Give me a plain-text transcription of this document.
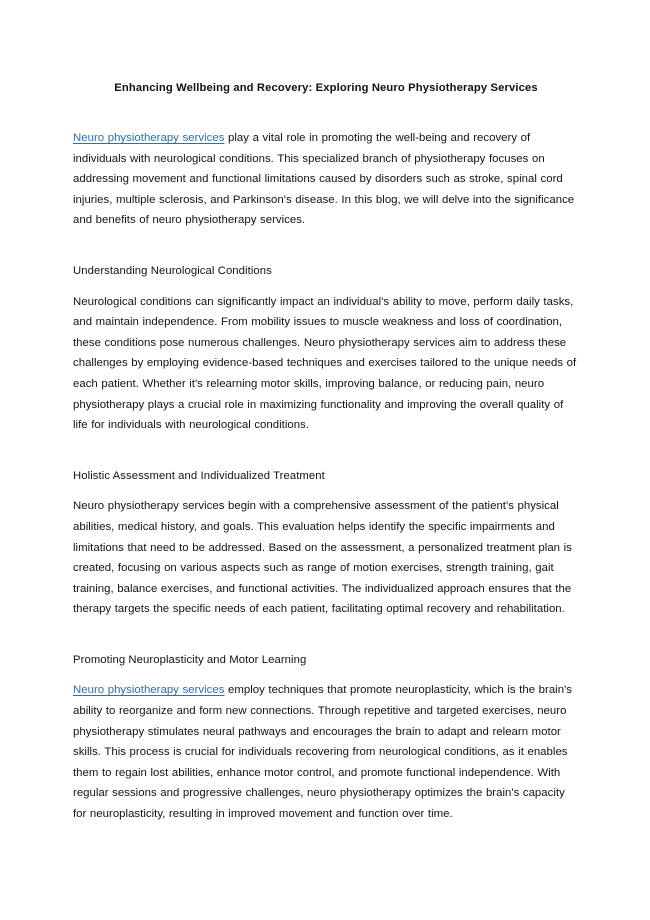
Enhancing Wellbeing and Recovery: Exploring Neuro Physiotherapy Services

Neuro physiotherapy services play a vital role in promoting the well-being and recovery of individuals with neurological conditions. This specialized branch of physiotherapy focuses on addressing movement and functional limitations caused by disorders such as stroke, spinal cord injuries, multiple sclerosis, and Parkinson's disease. In this blog, we will delve into the significance and benefits of neuro physiotherapy services.

Understanding Neurological Conditions

Neurological conditions can significantly impact an individual's ability to move, perform daily tasks, and maintain independence. From mobility issues to muscle weakness and loss of coordination, these conditions pose numerous challenges. Neuro physiotherapy services aim to address these challenges by employing evidence-based techniques and exercises tailored to the unique needs of each patient. Whether it's relearning motor skills, improving balance, or reducing pain, neuro physiotherapy plays a crucial role in maximizing functionality and improving the overall quality of life for individuals with neurological conditions.

Holistic Assessment and Individualized Treatment

Neuro physiotherapy services begin with a comprehensive assessment of the patient's physical abilities, medical history, and goals. This evaluation helps identify the specific impairments and limitations that need to be addressed. Based on the assessment, a personalized treatment plan is created, focusing on various aspects such as range of motion exercises, strength training, gait training, balance exercises, and functional activities. The individualized approach ensures that the therapy targets the specific needs of each patient, facilitating optimal recovery and rehabilitation.

Promoting Neuroplasticity and Motor Learning

Neuro physiotherapy services employ techniques that promote neuroplasticity, which is the brain's ability to reorganize and form new connections. Through repetitive and targeted exercises, neuro physiotherapy stimulates neural pathways and encourages the brain to adapt and relearn motor skills. This process is crucial for individuals recovering from neurological conditions, as it enables them to regain lost abilities, enhance motor control, and promote functional independence. With regular sessions and progressive challenges, neuro physiotherapy optimizes the brain's capacity for neuroplasticity, resulting in improved movement and function over time.
